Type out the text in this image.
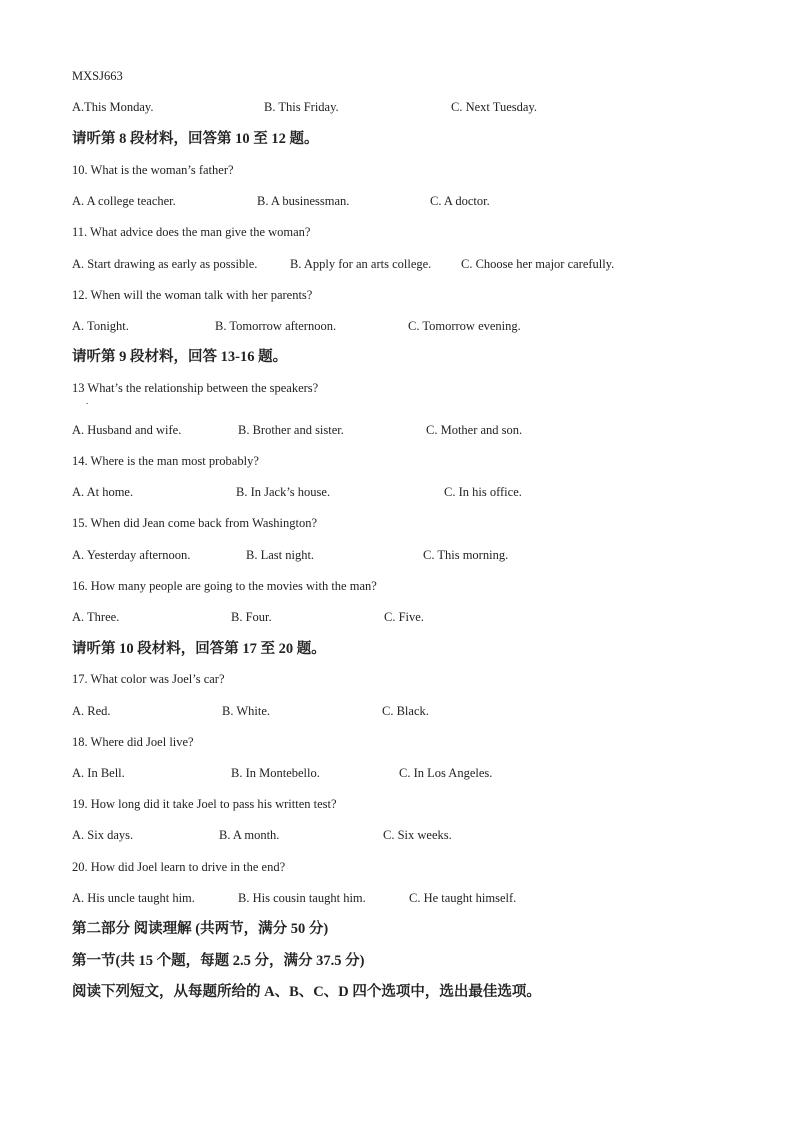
MXSJ663
A.This Monday.	B. This Friday.	C. Next Tuesday.
请听第 8 段材料，回答第 10 至 12 题。
10. What is the woman’s father?
A. A college teacher.	B. A businessman.	C. A doctor.
11. What advice does the man give the woman?
A. Start drawing as early as possible.	B. Apply for an arts college. C. Choose her major carefully.
12. When will the woman talk with her parents?
A. Tonight.	B. Tomorrow afternoon.	C. Tomorrow evening.
请听第 9 段材料，回答 13-16 题。
13 What’s the relationship between the speakers?
.
A. Husband and wife.	B. Brother and sister.	C. Mother and son.
14. Where is the man most probably?
A. At home.	B. In Jack’s house.	C. In his office.
15. When did Jean come back from Washington?
A. Yesterday afternoon.	B. Last night.	C. This morning.
16. How many people are going to the movies with the man?
A. Three.	B. Four.	C. Five.
请听第 10 段材料，回答第 17 至 20 题。
17. What color was Joel’s car?
A. Red.	B. White.	C. Black.
18. Where did Joel live?
A. In Bell.	B. In Montebello.	C. In Los Angeles.
19. How long did it take Joel to pass his written test?
A. Six days.	B. A month.	C. Six weeks.
20. How did Joel learn to drive in the end?
A. His uncle taught him.	B. His cousin taught him.	C. He taught himself.
第二部分 阅读理解 (共两节，满分 50 分)
第一节(共 15 个题，每题 2.5 分，满分 37.5 分)
阅读下列短文，从每题所给的 A、B、C、D 四个选项中，选出最佳选项。
